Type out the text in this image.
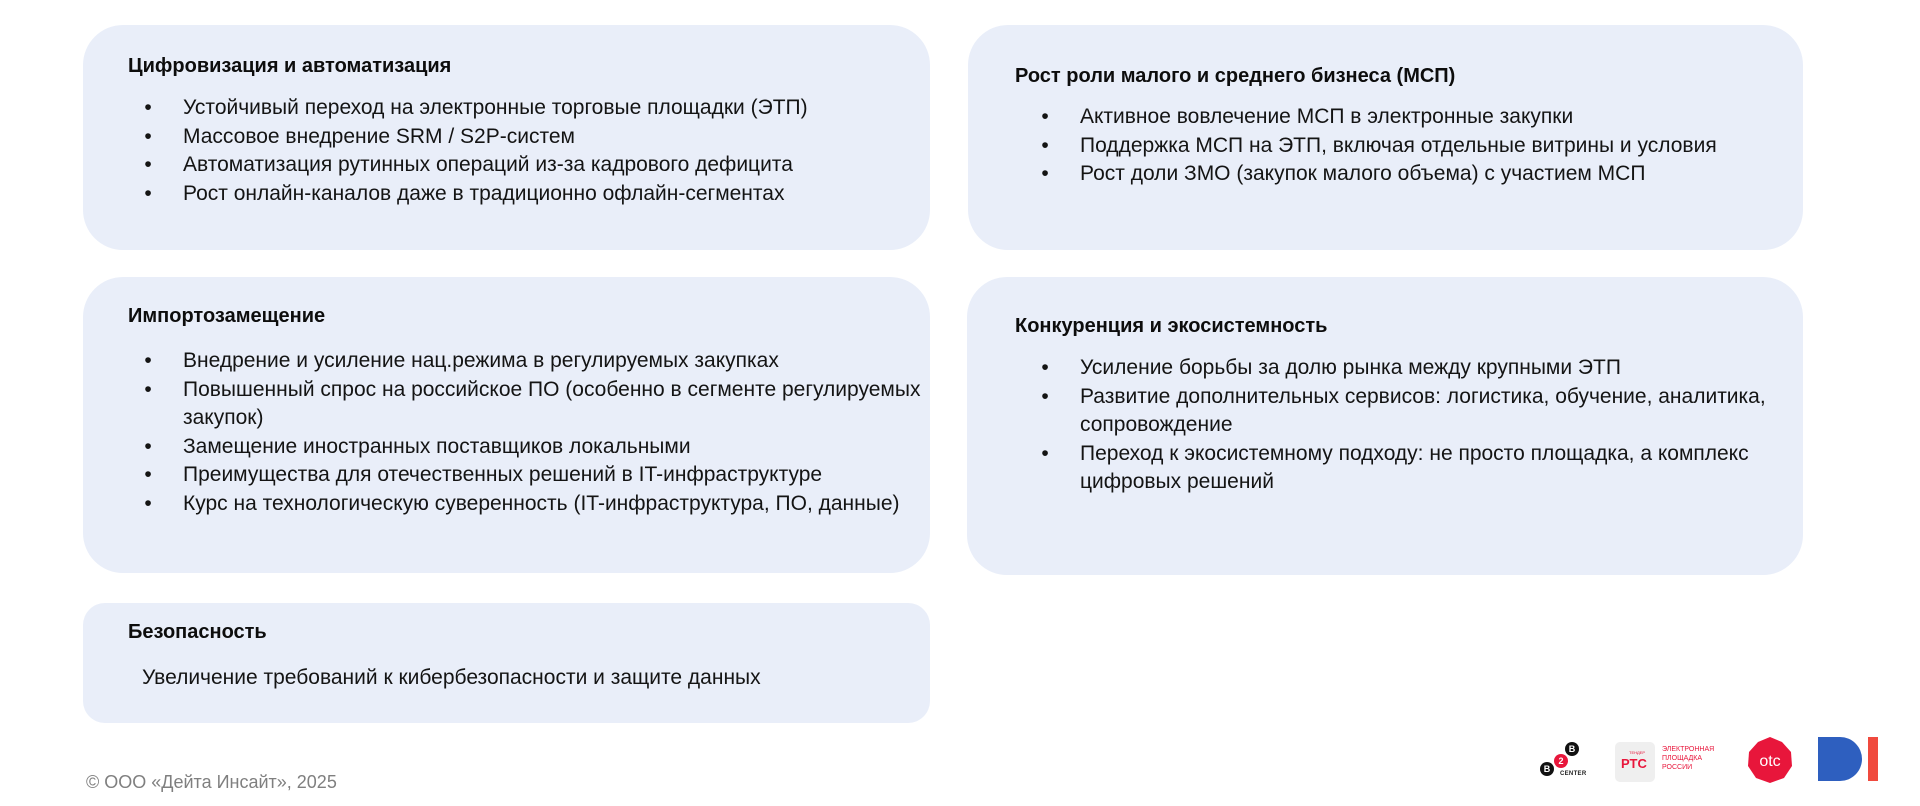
Цифровизация и автоматизация
• Устойчивый переход на электронные торговые площадки (ЭТП)
• Массовое внедрение SRM / S2P-систем
• Автоматизация рутинных операций из-за кадрового дефицита
• Рост онлайн-каналов даже в традиционно офлайн-сегментах
Рост роли малого и среднего бизнеса (МСП)
• Активное вовлечение МСП в электронные закупки
• Поддержка МСП на ЭТП, включая отдельные витрины и условия
• Рост доли ЗМО (закупок малого объема) с участием МСП
Импортозамещение
• Внедрение и усиление нац.режима в регулируемых закупках
• Повышенный спрос на российское ПО (особенно в сегменте регулируемых закупок)
• Замещение иностранных поставщиков локальными
• Преимущества для отечественных решений в IT-инфраструктуре
• Курс на технологическую суверенность (IT-инфраструктура, ПО, данные)
Конкуренция и экосистемность
• Усиление борьбы за долю рынка между крупными ЭТП
• Развитие дополнительных сервисов: логистика, обучение, аналитика, сопровождение
• Переход к экосистемному подходу: не просто площадка, а комплекс цифровых решений
Безопасность
Увеличение требований к кибербезопасности и защите данных
© ООО «Дейта Инсайт», 2025
B
2
B
CENTER
ТЕНДЕР
РТС
ЭЛЕКТРОННАЯ
ПЛОЩАДКА
РОССИИ	otc
